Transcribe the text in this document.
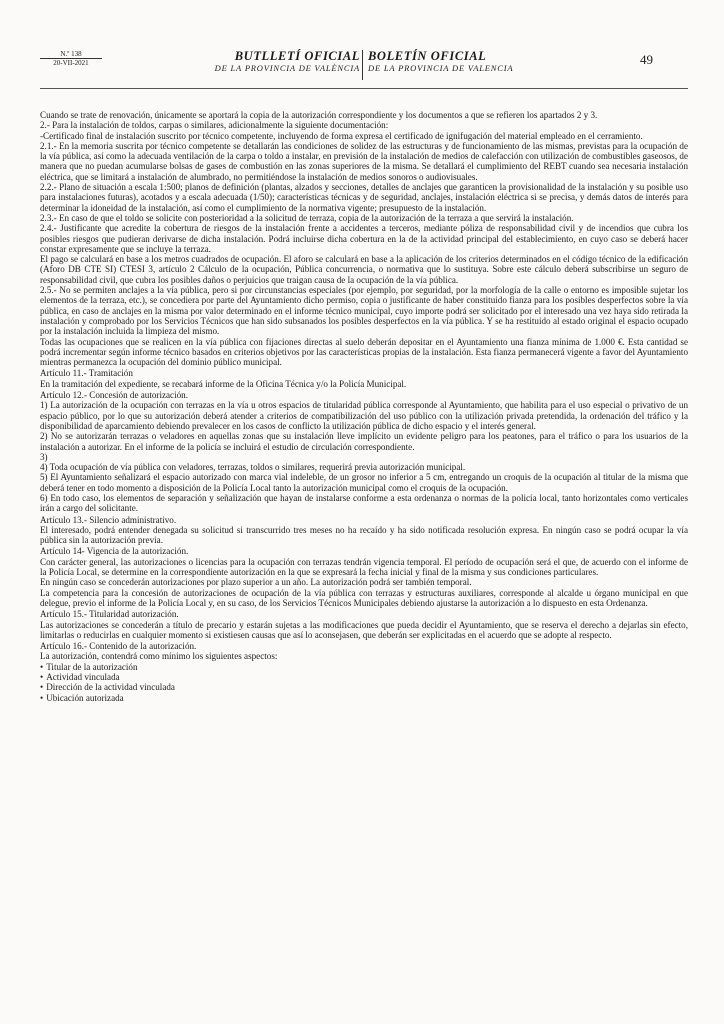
N.º 138
20-VII-2021	BUTLLETÍ OFICIAL
DE LA PROVINCIA DE VALÈNCIA
BOLETÍN OFICIAL
DE LA PROVINCIA DE VALENCIA
49

Cuando se trate de renovación, únicamente se aportará la copia de la autorización correspondiente y los documentos a que se refieren los apartados 2 y 3.

2.- Para la instalación de toldos, carpas o similares, adicionalmente la siguiente documentación:

-Certificado final de instalación suscrito por técnico competente, incluyendo de forma expresa el certificado de ignifugación del material empleado en el cerramiento.

2.1.- En la memoria suscrita por técnico competente se detallarán las condiciones de solidez de las estructuras y de funcionamiento de las mismas, previstas para la ocupación de la vía pública, así como la adecuada ventilación de la carpa o toldo a instalar, en previsión de la instalación de medios de calefacción con utilización de combustibles gaseosos, de manera que no puedan acumularse bolsas de gases de combustión en las zonas superiores de la misma. Se detallará el cumplimiento del REBT cuando sea necesaria instalación eléctrica, que se limitará a instalación de alumbrado, no permitiéndose la instalación de medios sonoros o audiovisuales.

2.2.- Plano de situación a escala 1:500; planos de definición (plantas, alzados y secciones, detalles de anclajes que garanticen la provisionalidad de la instalación y su posible uso para instalaciones futuras), acotados y a escala adecuada (1/50); características técnicas y de seguridad, anclajes, instalación eléctrica si se precisa, y demás datos de interés para determinar la idoneidad de la instalación, así como el cumplimiento de la normativa vigente; presupuesto de la instalación.

2.3.- En caso de que el toldo se solicite con posterioridad a la solicitud de terraza, copia de la autorización de la terraza a que servirá la instalación.

2.4.- Justificante que acredite la cobertura de riesgos de la instalación frente a accidentes a terceros, mediante póliza de responsabilidad civil y de incendios que cubra los posibles riesgos que pudieran derivarse de dicha instalación. Podrá incluirse dicha cobertura en la de la actividad principal del establecimiento, en cuyo caso se deberá hacer constar expresamente que se incluye la terraza.

El pago se calculará en base a los metros cuadrados de ocupación. El aforo se calculará en base a la aplicación de los criterios determinados en el código técnico de la edificación (Aforo DB CTE SI) CTESI 3, artículo 2 Cálculo de la ocupación, Pública concurrencia, o normativa que lo sustituya. Sobre este cálculo deberá subscribirse un seguro de responsabilidad civil, que cubra los posibles daños o perjuicios que traigan causa de la ocupación de la vía pública.

2.5.- No se permiten anclajes a la vía pública, pero si por circunstancias especiales (por ejemplo, por seguridad, por la morfología de la calle o entorno es imposible sujetar los elementos de la terraza, etc.), se concediera por parte del Ayuntamiento dicho permiso, copia o justificante de haber constituido fianza para los posibles desperfectos sobre la vía pública, en caso de anclajes en la misma por valor determinado en el informe técnico municipal, cuyo importe podrá ser solicitado por el interesado una vez haya sido retirada la instalación y comprobado por los Servicios Técnicos que han sido subsanados los posibles desperfectos en la vía pública. Y se ha restituido al estado original el espacio ocupado por la instalación incluida la limpieza del mismo.

Todas las ocupaciones que se realicen en la vía pública con fijaciones directas al suelo deberán depositar en el Ayuntamiento una fianza mínima de 1.000 €. Esta cantidad se podrá incrementar según informe técnico basados en criterios objetivos por las características propias de la instalación. Esta fianza permanecerá vigente a favor del Ayuntamiento mientras permanezca la ocupación del dominio público municipal.

Artículo 11.- Tramitación

En la tramitación del expediente, se recabará informe de la Oficina Técnica y/o la Policía Municipal.

Artículo 12.- Concesión de autorización.

1) La autorización de la ocupación con terrazas en la vía u otros espacios de titularidad pública corresponde al Ayuntamiento, que habilita para el uso especial o privativo de un espacio público, por lo que su autorización deberá atender a criterios de compatibilización del uso público con la utilización privada pretendida, la ordenación del tráfico y la disponibilidad de aparcamiento debiendo prevalecer en los casos de conflicto la utilización pública de dicho espacio y el interés general.

2) No se autorizarán terrazas o veladores en aquellas zonas que su instalación lleve implícito un evidente peligro para los peatones, para el tráfico o para los usuarios de la instalación a autorizar. En el informe de la policía se incluirá el estudio de circulación correspondiente.

3)

4) Toda ocupación de vía pública con veladores, terrazas, toldos o similares, requerirá previa autorización municipal.

5) El Ayuntamiento señalizará el espacio autorizado con marca vial indeleble, de un grosor no inferior a 5 cm, entregando un croquis de la ocupación al titular de la misma que deberá tener en todo momento a disposición de la Policía Local tanto la autorización municipal como el croquis de la ocupación.

6) En todo caso, los elementos de separación y señalización que hayan de instalarse conforme a esta ordenanza o normas de la policía local, tanto horizontales como verticales irán a cargo del solicitante.

Artículo 13.- Silencio administrativo.

El interesado, podrá entender denegada su solicitud si transcurrido tres meses no ha recaído y ha sido notificada resolución expresa. En ningún caso se podrá ocupar la vía pública sin la autorización previa.

Artículo 14- Vigencia de la autorización.

Con carácter general, las autorizaciones o licencias para la ocupación con terrazas tendrán vigencia temporal. El período de ocupación será el que, de acuerdo con el informe de la Policía Local, se determine en la correspondiente autorización en la que se expresará la fecha inicial y final de la misma y sus condiciones particulares.

En ningún caso se concederán autorizaciones por plazo superior a un año. La autorización podrá ser también temporal.

La competencia para la concesión de autorizaciones de ocupación de la vía pública con terrazas y estructuras auxiliares, corresponde al alcalde u órgano municipal en que delegue, previo el informe de la Policía Local y, en su caso, de los Servicios Técnicos Municipales debiendo ajustarse la autorización a lo dispuesto en esta Ordenanza.

Artículo 15.- Titularidad autorización.

Las autorizaciones se concederán a título de precario y estarán sujetas a las modificaciones que pueda decidir el Ayuntamiento, que se reserva el derecho a dejarlas sin efecto, limitarlas o reducirlas en cualquier momento si existiesen causas que así lo aconsejasen, que deberán ser explicitadas en el acuerdo que se adopte al respecto.

Artículo 16.- Contenido de la autorización.

La autorización, contendrá como mínimo los siguientes aspectos:

• Titular de la autorización

• Actividad vinculada

• Dirección de la actividad vinculada

• Ubicación autorizada
